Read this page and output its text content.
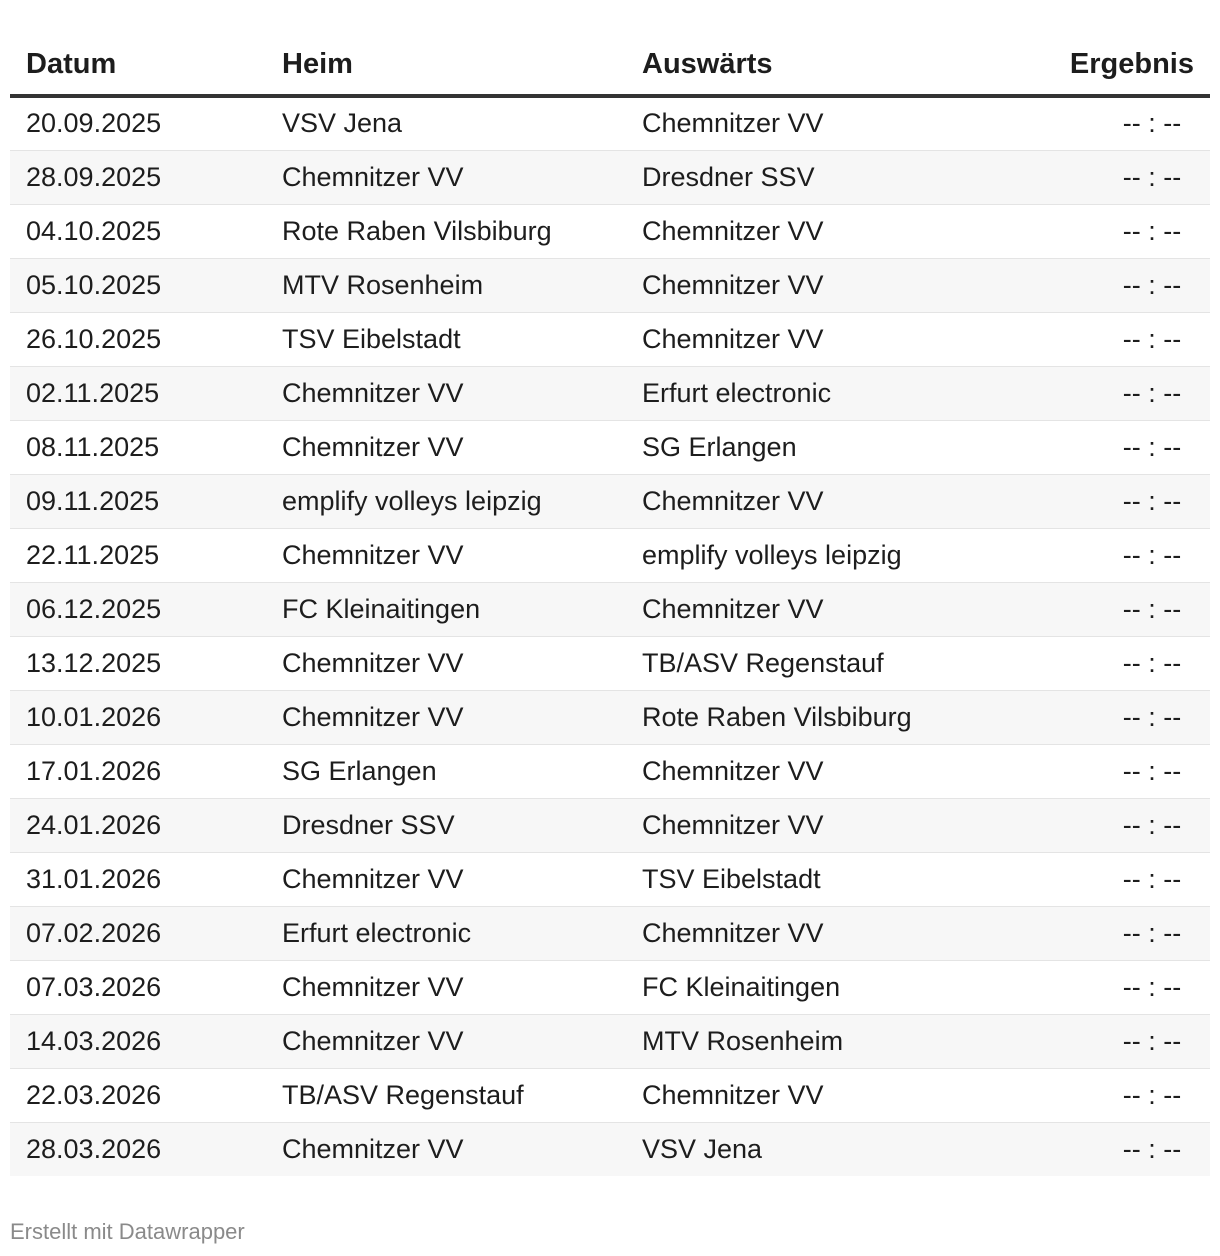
Datum	Heim	Auswärts	Ergebnis
20.09.2025	VSV Jena	Chemnitzer VV	-- : --
28.09.2025	Chemnitzer VV	Dresdner SSV	-- : --
04.10.2025	Rote Raben Vilsbiburg	Chemnitzer VV	-- : --
05.10.2025	MTV Rosenheim	Chemnitzer VV	-- : --
26.10.2025	TSV Eibelstadt	Chemnitzer VV	-- : --
02.11.2025	Chemnitzer VV	Erfurt electronic	-- : --
08.11.2025	Chemnitzer VV	SG Erlangen	-- : --
09.11.2025	emplify volleys leipzig	Chemnitzer VV	-- : --
22.11.2025	Chemnitzer VV	emplify volleys leipzig	-- : --
06.12.2025	FC Kleinaitingen	Chemnitzer VV	-- : --
13.12.2025	Chemnitzer VV	TB/ASV Regenstauf	-- : --
10.01.2026	Chemnitzer VV	Rote Raben Vilsbiburg	-- : --
17.01.2026	SG Erlangen	Chemnitzer VV	-- : --
24.01.2026	Dresdner SSV	Chemnitzer VV	-- : --
31.01.2026	Chemnitzer VV	TSV Eibelstadt	-- : --
07.02.2026	Erfurt electronic	Chemnitzer VV	-- : --
07.03.2026	Chemnitzer VV	FC Kleinaitingen	-- : --
14.03.2026	Chemnitzer VV	MTV Rosenheim	-- : --
22.03.2026	TB/ASV Regenstauf	Chemnitzer VV	-- : --
28.03.2026	Chemnitzer VV	VSV Jena	-- : --
Erstellt mit Datawrapper
